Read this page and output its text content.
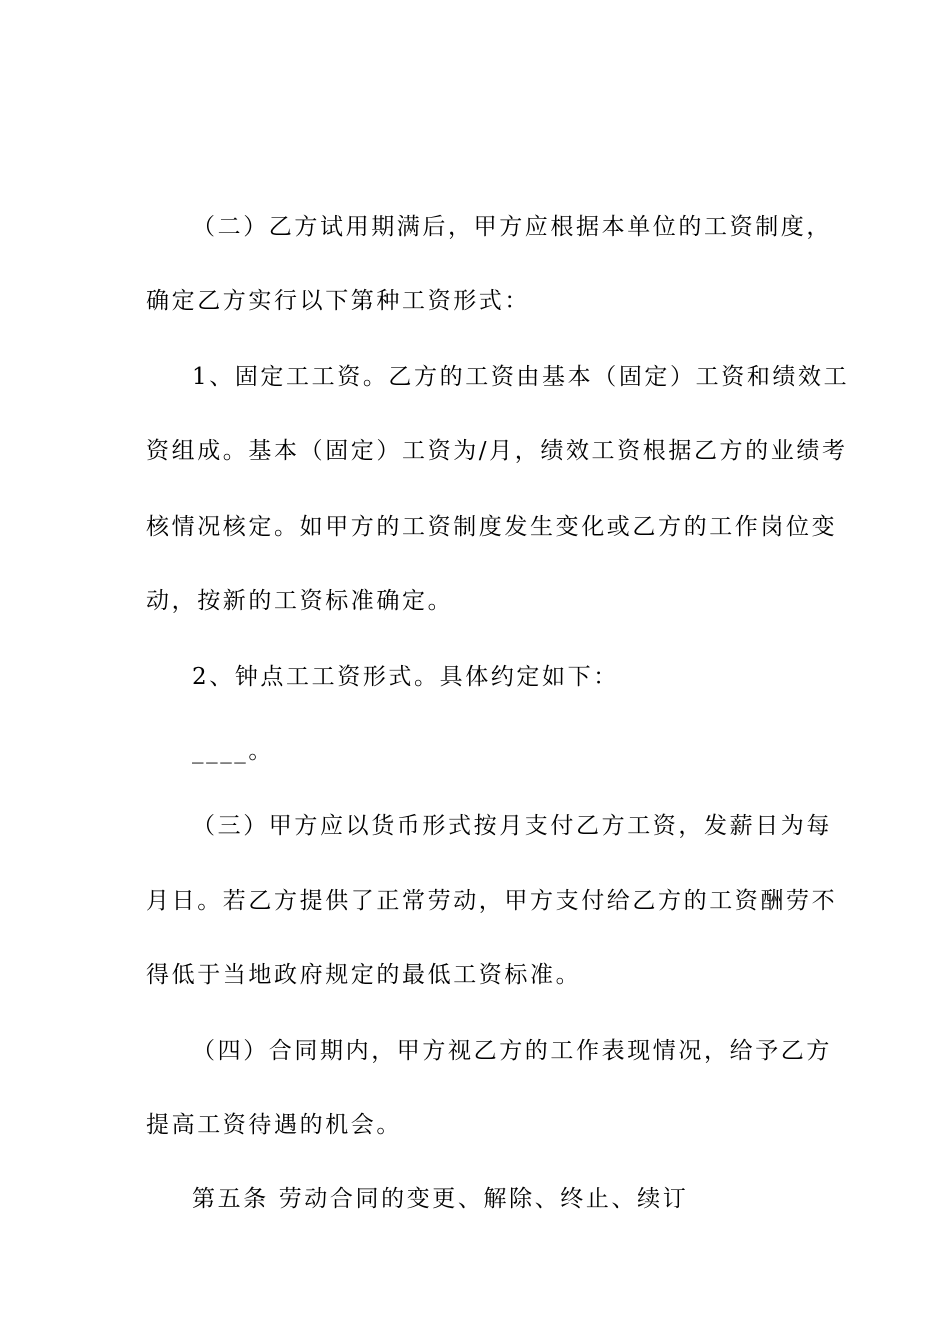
（二）乙方试用期满后，甲方应根据本单位的工资制度，
确定乙方实行以下第种工资形式：
1、固定工工资。乙方的工资由基本（固定）工资和绩效工
资组成。基本（固定）工资为/月，绩效工资根据乙方的业绩考
核情况核定。如甲方的工资制度发生变化或乙方的工作岗位变
动，按新的工资标准确定。
2、钟点工工资形式。具体约定如下：
____。
（三）甲方应以货币形式按月支付乙方工资，发薪日为每
月日。若乙方提供了正常劳动，甲方支付给乙方的工资酬劳不
得低于当地政府规定的最低工资标准。
（四）合同期内，甲方视乙方的工作表现情况，给予乙方
提高工资待遇的机会。
第五条 劳动合同的变更、解除、终止、续订
